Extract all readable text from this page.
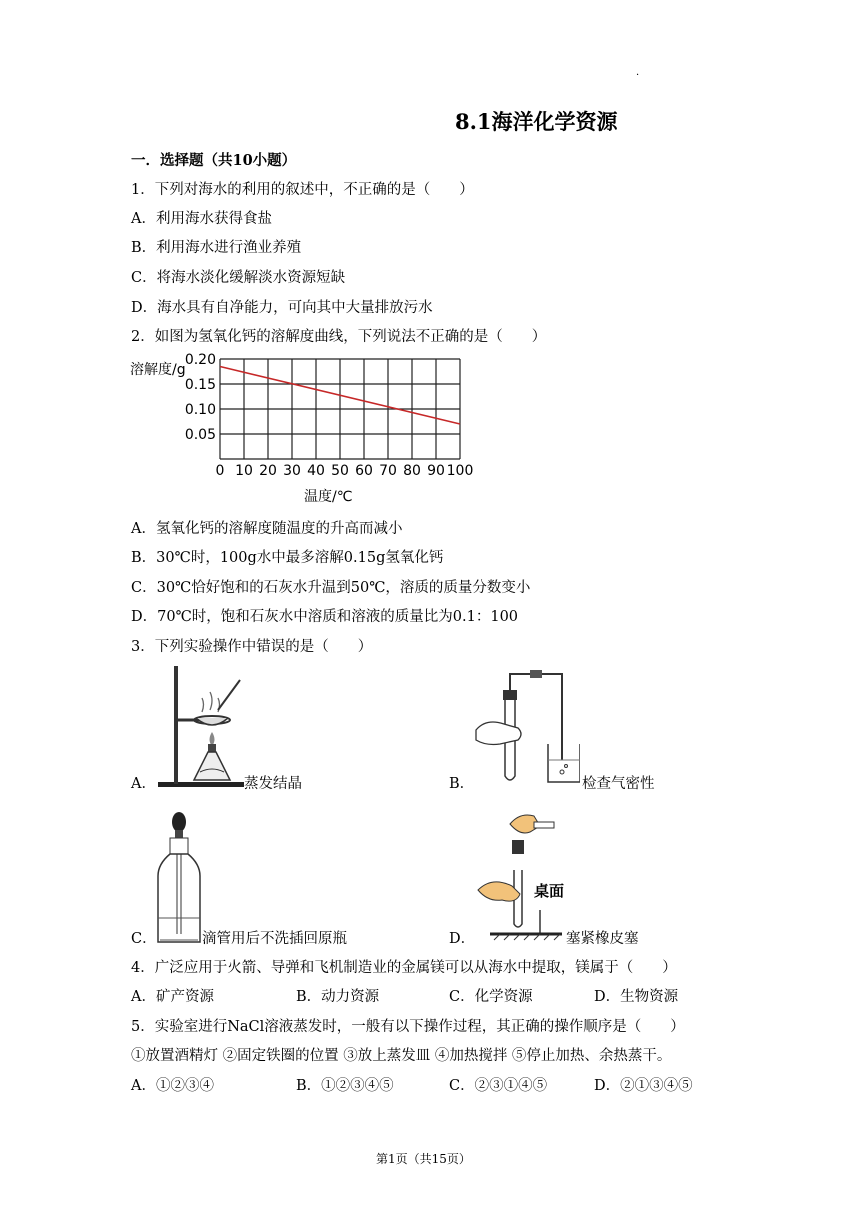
·
8.1海洋化学资源
一．选择题（共10小题）
1．下列对海水的利用的叙述中，不正确的是（　　）
A．利用海水获得食盐
B．利用海水进行渔业养殖
C．将海水淡化缓解淡水资源短缺
D．海水具有自净能力，可向其中大量排放污水
2．如图为氢氧化钙的溶解度曲线，下列说法不正确的是（　　）
溶解度/g
0.05
0.10
0.15
0.20
0 10 20 30 40 50 60 70 80 90 100
温度/℃
A．氢氧化钙的溶解度随温度的升高而减小
B．30℃时，100g水中最多溶解0.15g氢氧化钙
C．30℃恰好饱和的石灰水升温到50℃，溶质的质量分数变小
D．70℃时，饱和石灰水中溶质和溶液的质量比为0.1：100
3．下列实验操作中错误的是（　　）
A．	蒸发结晶	B．	检查气密性
C．	滴管用后不洗插回原瓶
桌面
D．	塞紧橡皮塞
4．广泛应用于火箭、导弹和飞机制造业的金属镁可以从海水中提取，镁属于（　　）
A．矿产资源	B．动力资源	C．化学资源	D．生物资源
5．实验室进行NaCl溶液蒸发时，一般有以下操作过程，其正确的操作顺序是（　　）
①放置酒精灯 ②固定铁圈的位置 ③放上蒸发皿 ④加热搅拌 ⑤停止加热、余热蒸干。
A．①②③④	B．①②③④⑤	C．②③①④⑤	D．②①③④⑤
第1页（共15页）
